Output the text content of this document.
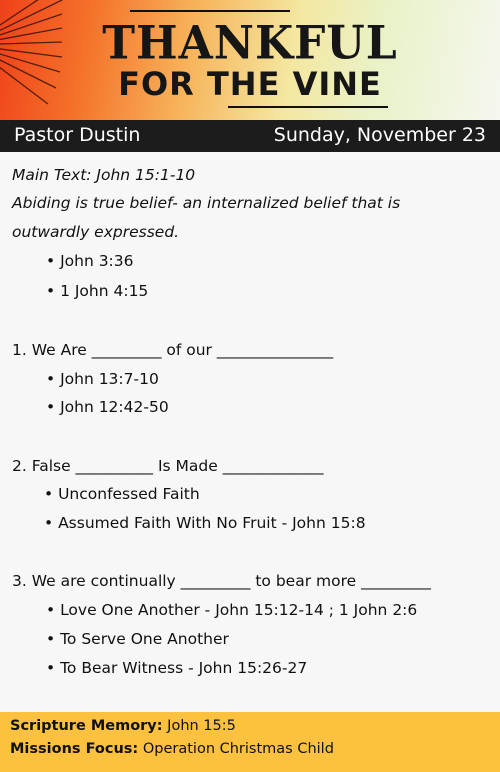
THANKFUL
FOR THE VINE
Pastor Dustin	Sunday, November 23
Main Text: John 15:1-10
Abiding is true belief- an internalized belief that is
outwardly expressed.
• John 3:36
• 1 John 4:15
1. We Are _________ of our _______________
• John 13:7-10
• John 12:42-50
2. False __________ Is Made _____________
• Unconfessed Faith
• Assumed Faith With No Fruit - John 15:8
3. We are continually _________ to bear more _________
• Love One Another - John 15:12-14 ; 1 John 2:6
• To Serve One Another
• To Bear Witness - John 15:26-27
Scripture Memory: John 15:5
Missions Focus: Operation Christmas Child
